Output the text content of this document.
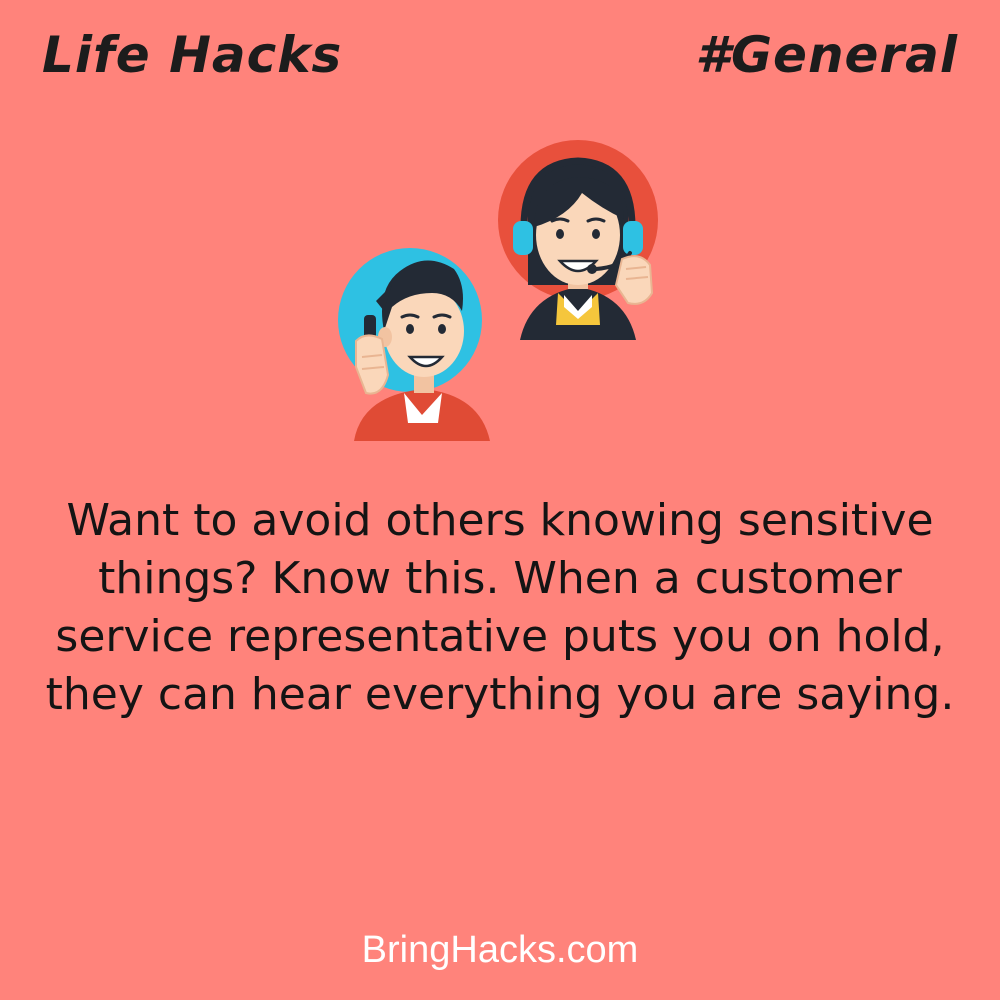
Life Hacks	#General

Want to avoid others knowing sensitive things? Know this. When a customer service representative puts you on hold, they can hear everything you are saying.

BringHacks.com
